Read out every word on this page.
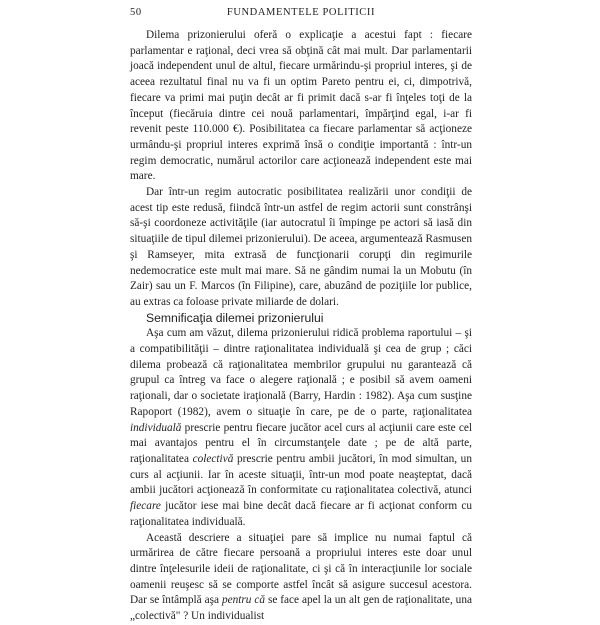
50	FUNDAMENTELE POLITICII

Dilema prizonierului oferă o explicaţie a acestui fapt : fiecare parlamentar e raţional, deci vrea să obţină cât mai mult. Dar parlamentarii joacă independent unul de altul, fiecare urmărindu-şi propriul interes, şi de aceea rezultatul final nu va fi un optim Pareto pentru ei, ci, dimpotrivă, fiecare va primi mai puţin decât ar fi primit dacă s-ar fi înţeles toţi de la început (fiecăruia dintre cei nouă parlamentari, împărţind egal, i-ar fi revenit peste 110.000 €). Posibilitatea ca fiecare parlamentar să acţioneze urmându-şi propriul interes exprimă însă o condiţie importantă : într-un regim democratic, numărul actorilor care acţionează independent este mai mare.

Dar într-un regim autocratic posibilitatea realizării unor condiţii de acest tip este redusă, fiindcă într-un astfel de regim actorii sunt constrânşi să-şi coordoneze activităţile (iar autocratul îi împinge pe actori să iasă din situaţiile de tipul dilemei prizonierului). De aceea, argumentează Rasmusen şi Ramseyer, mita extrasă de funcţionarii corupţi din regimurile nedemocratice este mult mai mare. Să ne gândim numai la un Mobutu (în Zair) sau un F. Marcos (în Filipine), care, abuzând de poziţiile lor publice, au extras ca foloase private miliarde de dolari.

Semnificaţia dilemei prizonierului

Aşa cum am văzut, dilema prizonierului ridică problema raportului – şi a compatibilităţii – dintre raţionalitatea individuală şi cea de grup ; căci dilema probează că raţionalitatea membrilor grupului nu garantează că grupul ca întreg va face o alegere raţională ; e posibil să avem oameni raţionali, dar o societate iraţională (Barry, Hardin : 1982). Aşa cum susţine Rapoport (1982), avem o situaţie în care, pe de o parte, raţionalitatea individuală prescrie pentru fiecare jucător acel curs al acţiunii care este cel mai avantajos pentru el în circumstanţele date ; pe de altă parte, raţionalitatea colectivă prescrie pentru ambii jucători, în mod simultan, un curs al acţiunii. Iar în aceste situaţii, într-un mod poate neaşteptat, dacă ambii jucători acţionează în conformitate cu raţionalitatea colectivă, atunci fiecare jucător iese mai bine decât dacă fiecare ar fi acţionat conform cu raţionalitatea individuală.

Această descriere a situaţiei pare să implice nu numai faptul că urmărirea de către fiecare persoană a propriului interes este doar unul dintre înţelesurile ideii de raţionalitate, ci şi că în interacţiunile lor sociale oamenii reuşesc să se comporte astfel încât să asigure succesul acestora. Dar se întâmplă aşa pentru că se face apel la un alt gen de raţionalitate, una „colectivă" ? Un individualist
